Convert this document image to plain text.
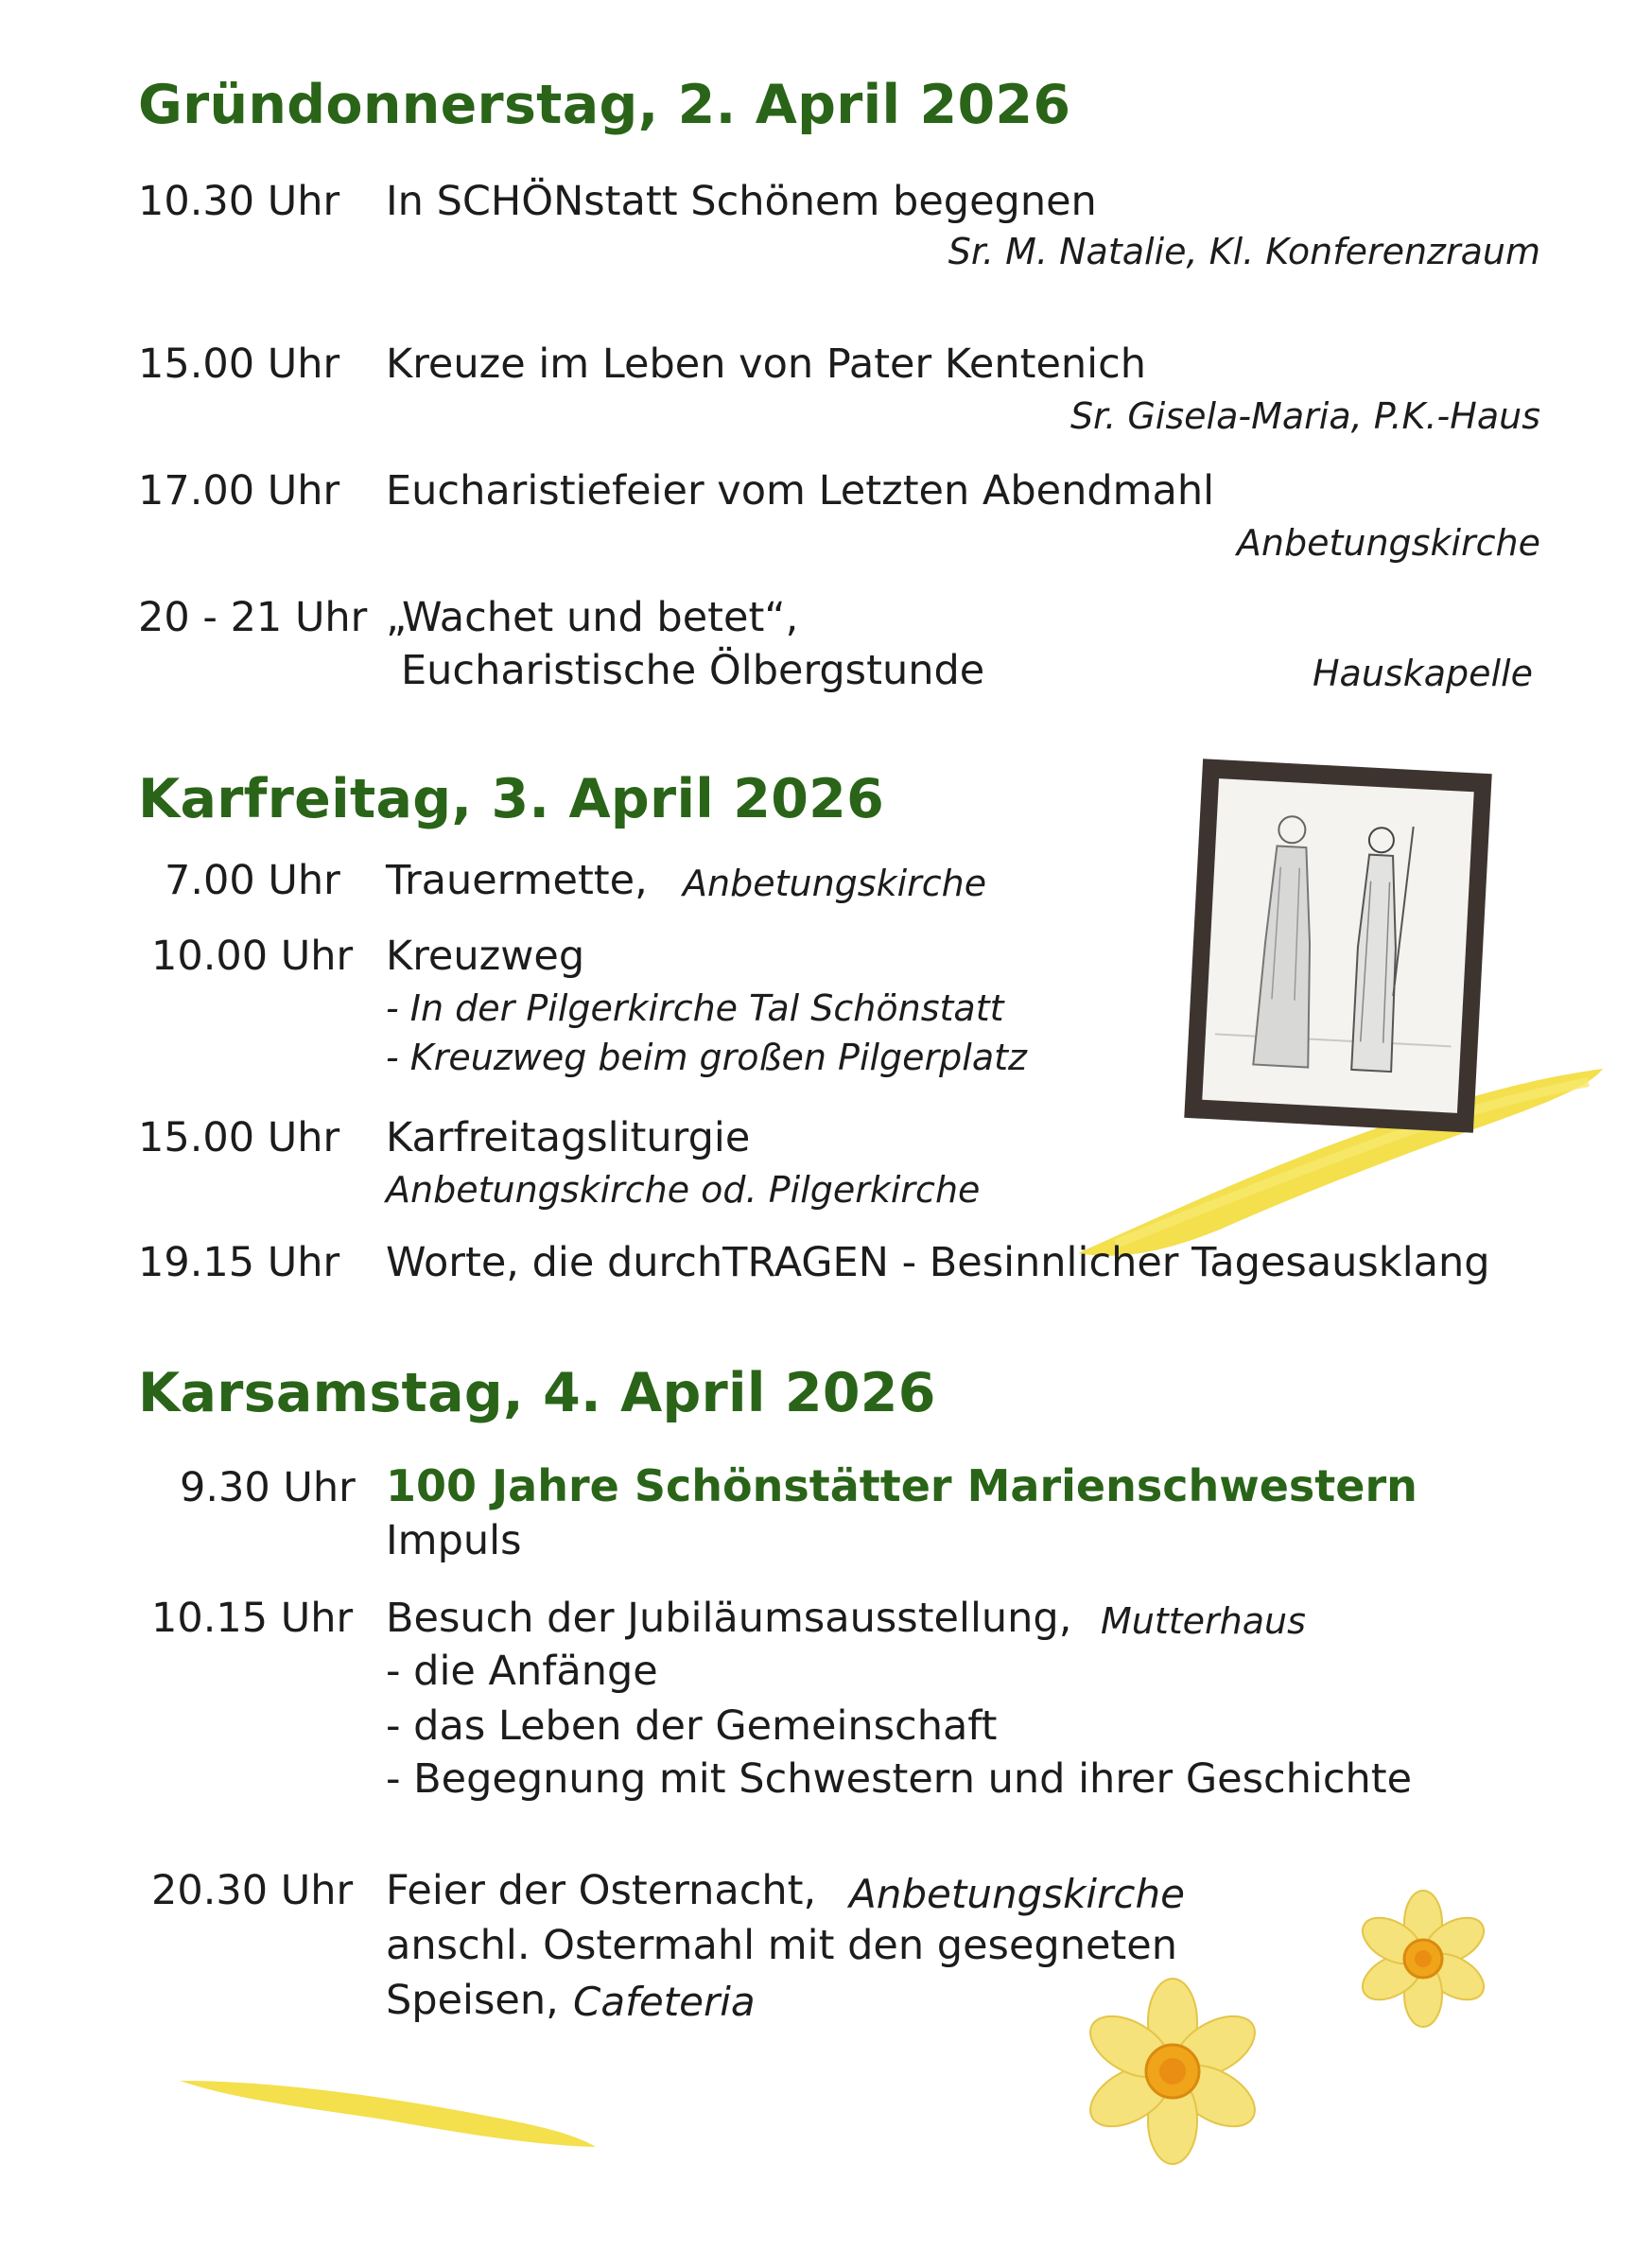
Gründonnerstag, 2. April 2026
10.30 Uhr In SCHÖNstatt Schönem begegnen
Sr. M. Natalie, Kl. Konferenzraum
15.00 Uhr Kreuze im Leben von Pater Kentenich
Sr. Gisela-Maria, P.K.-Haus
17.00 Uhr Eucharistiefeier vom Letzten Abendmahl
Anbetungskirche
20 - 21 Uhr „Wachet und betet“,
Eucharistische Ölbergstunde	Hauskapelle
Karfreitag, 3. April 2026
7.00 Uhr Trauermette, Anbetungskirche
10.00 Uhr Kreuzweg
- In der Pilgerkirche Tal Schönstatt
- Kreuzweg beim großen Pilgerplatz
15.00 Uhr Karfreitagsliturgie
Anbetungskirche od. Pilgerkirche
19.15 Uhr Worte, die durchTRAGEN - Besinnlicher Tagesausklang
Karsamstag, 4. April 2026
9.30 Uhr 100 Jahre Schönstätter Marienschwestern
Impuls
10.15 Uhr Besuch der Jubiläumsausstellung, Mutterhaus
- die Anfänge
- das Leben der Gemeinschaft
- Begegnung mit Schwestern und ihrer Geschichte
20.30 Uhr Feier der Osternacht, Anbetungskirche
anschl. Ostermahl mit den gesegneten
Speisen, Cafeteria
